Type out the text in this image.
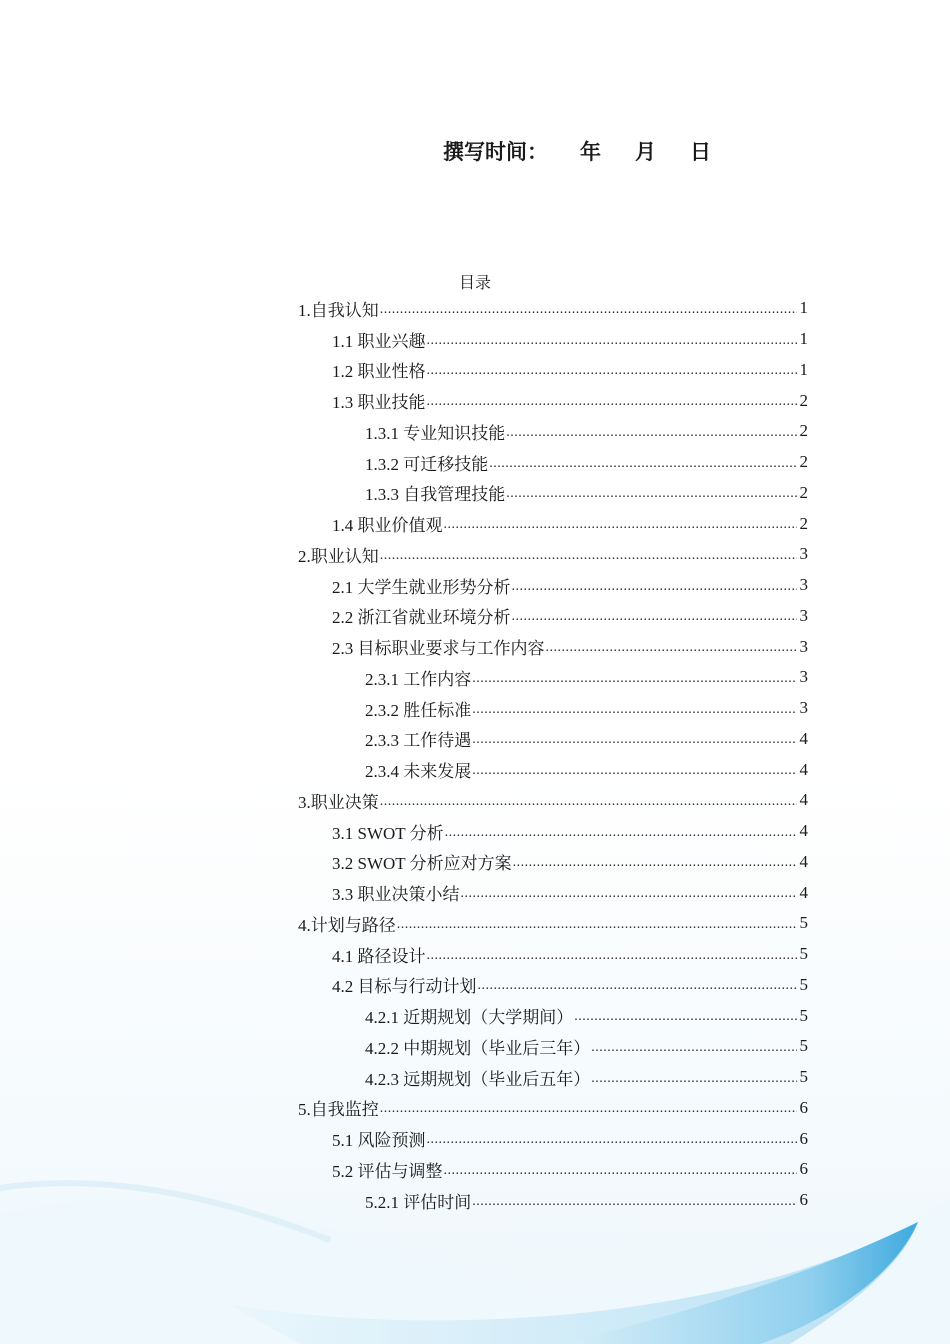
撰写时间： 年 月 日
目录
1.自我认知 .....	1
1.1 职业兴趣 .....	1
1.2 职业性格 .....	1
1.3 职业技能 .....	2
1.3.1 专业知识技能 .....	2
1.3.2 可迁移技能 .....	2
1.3.3 自我管理技能 .....	2
1.4 职业价值观 .....	2
2.职业认知 .....	3
2.1 大学生就业形势分析 .....	3
2.2 浙江省就业环境分析 .....	3
2.3 目标职业要求与工作内容 .....	3
2.3.1 工作内容 .....	3
2.3.2 胜任标准 .....	3
2.3.3 工作待遇 .....	4
2.3.4 未来发展 .....	4
3.职业决策 .....	4
3.1 SWOT 分析 .....	4
3.2 SWOT 分析应对方案 .....	4
3.3 职业决策小结 .....	4
4.计划与路径 .....	5
4.1 路径设计 .....	5
4.2 目标与行动计划 .....	5
4.2.1 近期规划（大学期间） .....	5
4.2.2 中期规划（毕业后三年） .....	5
4.2.3 远期规划（毕业后五年） .....	5
5.自我监控 .....	6
5.1 风险预测 .....	6
5.2 评估与调整 .....	6
5.2.1 评估时间 .....	6
